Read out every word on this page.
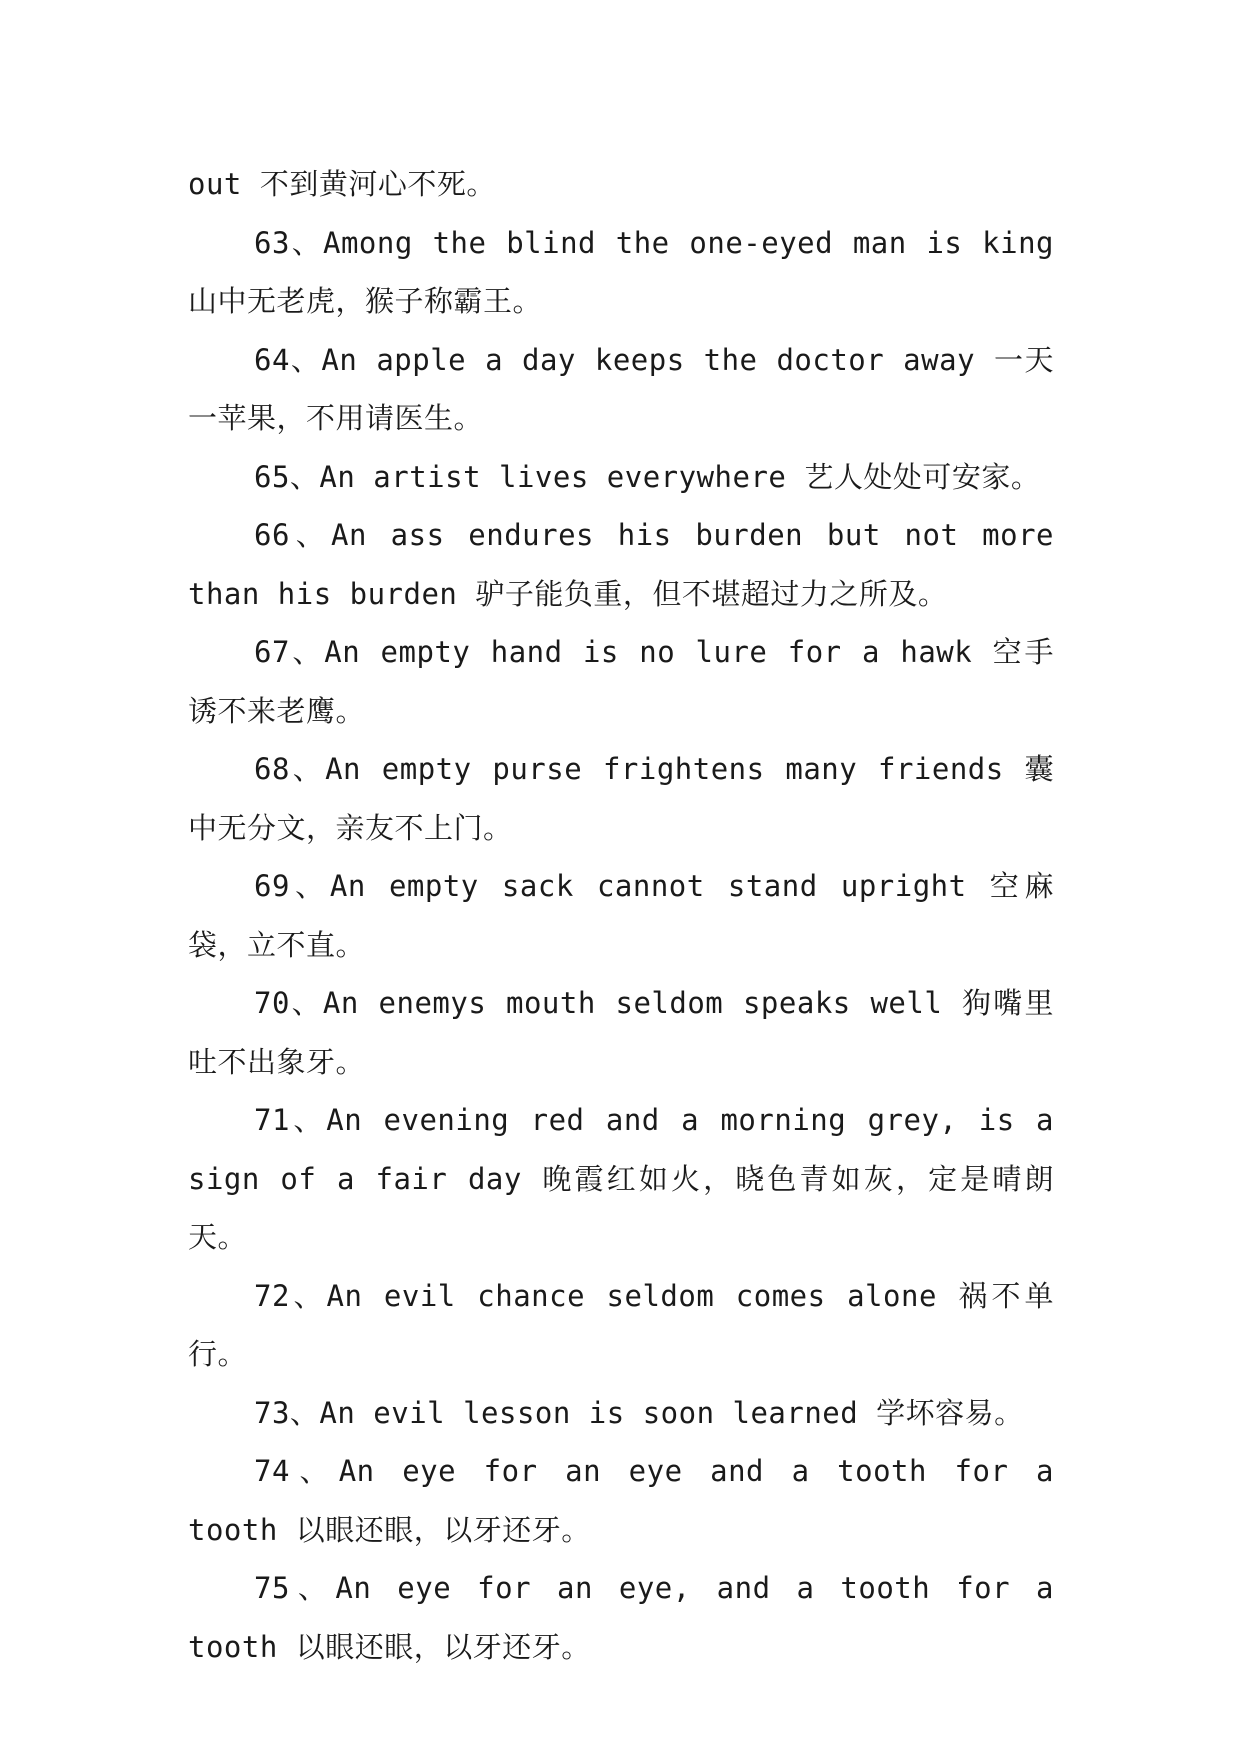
out 不到黄河心不死。

63、Among the blind the one-eyed man is king 山中无老虎，猴子称霸王。

64、An apple a day keeps the doctor away 一天一苹果，不用请医生。

65、An artist lives everywhere 艺人处处可安家。

66、An ass endures his burden but not more than his burden 驴子能负重，但不堪超过力之所及。

67、An empty hand is no lure for a hawk 空手诱不来老鹰。

68、An empty purse frightens many friends 囊中无分文，亲友不上门。

69、An empty sack cannot stand upright 空麻袋，立不直。

70、An enemys mouth seldom speaks well 狗嘴里吐不出象牙。

71、An evening red and a morning grey, is a sign of a fair day 晚霞红如火，晓色青如灰，定是晴朗天。

72、An evil chance seldom comes alone 祸不单行。

73、An evil lesson is soon learned 学坏容易。

74、An eye for an eye and a tooth for a tooth 以眼还眼，以牙还牙。

75、An eye for an eye, and a tooth for a tooth 以眼还眼，以牙还牙。
